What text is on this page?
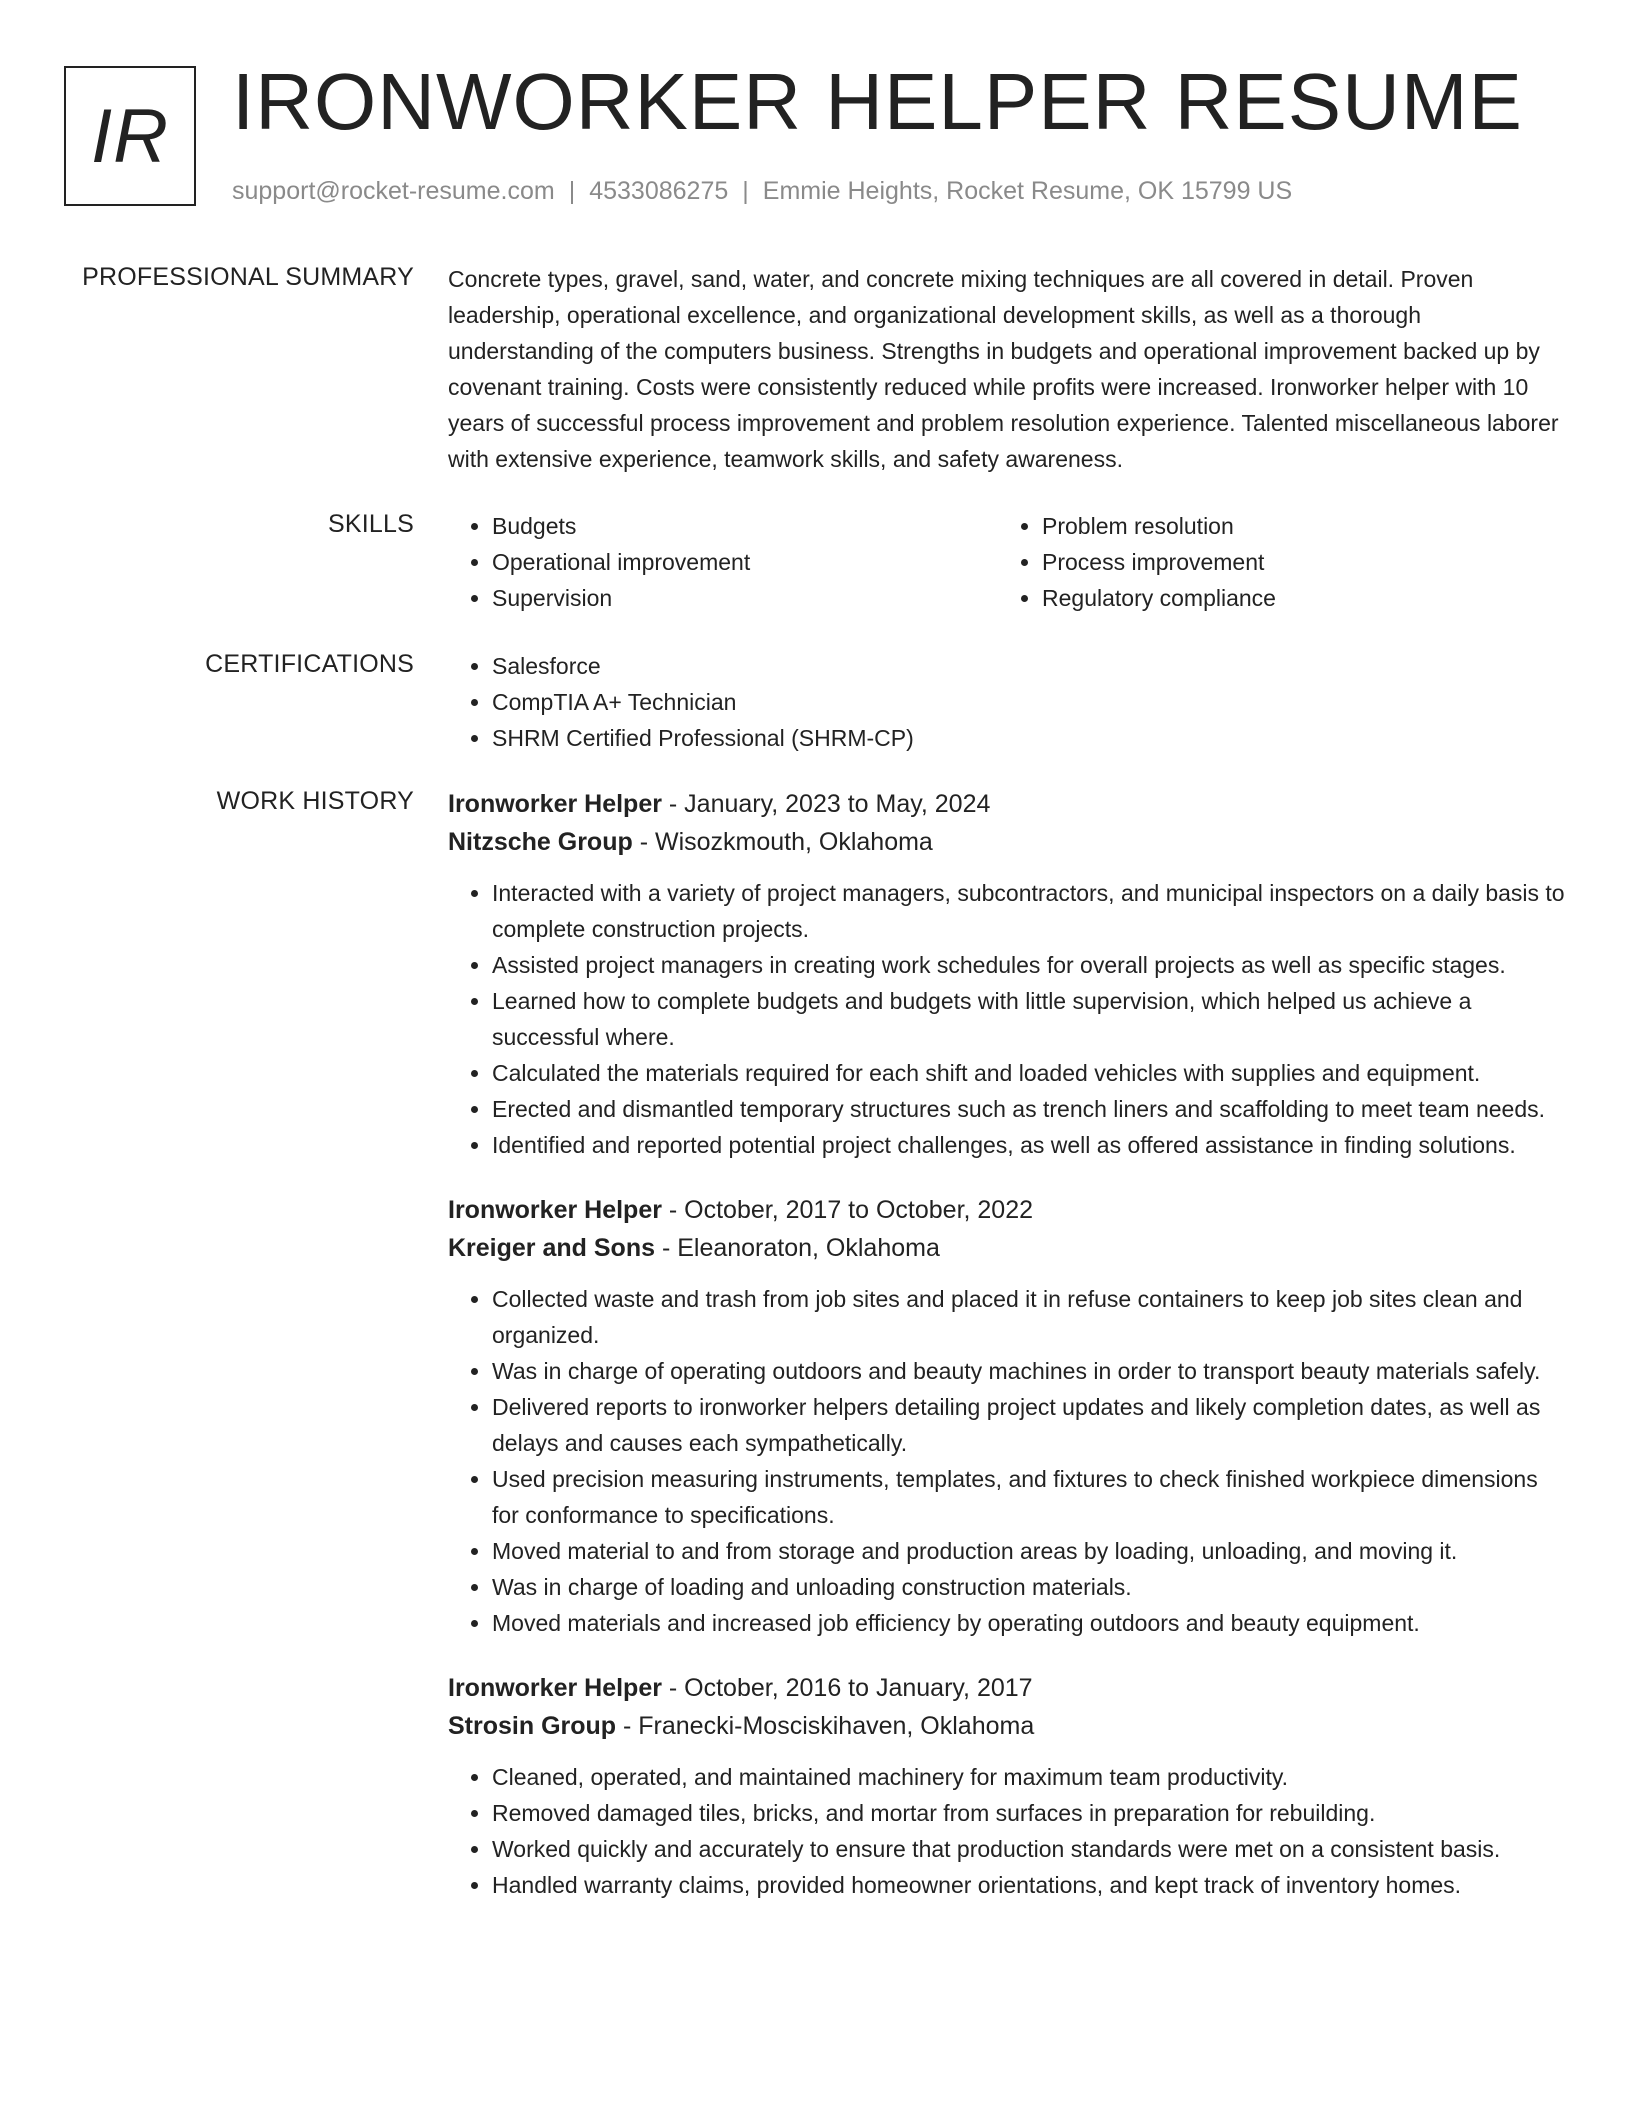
IR IRONWORKER HELPER RESUME
support@rocket-resume.com | 4533086275 | Emmie Heights, Rocket Resume, OK 15799 US
PROFESSIONAL SUMMARY Concrete types, gravel, sand, water, and concrete mixing techniques are all covered in detail. Proven leadership, operational excellence, and organizational development skills, as well as a thorough understanding of the computers business. Strengths in budgets and operational improvement backed up by covenant training. Costs were consistently reduced while profits were increased. Ironworker helper with 10 years of successful process improvement and problem resolution experience. Talented miscellaneous laborer with extensive experience, teamwork skills, and safety awareness.

SKILLS	• Budgets
• Operational improvement
• Supervision
• Problem resolution
• Process improvement
• Regulatory compliance
CERTIFICATIONS	• Salesforce
• CompTIA A+ Technician
• SHRM Certified Professional (SHRM-CP)
WORK HISTORY Ironworker Helper - January, 2023 to May, 2024
Nitzsche Group - Wisozkmouth, Oklahoma
• Interacted with a variety of project managers, subcontractors, and municipal inspectors on a daily basis to complete construction projects.
• Assisted project managers in creating work schedules for overall projects as well as specific stages.
• Learned how to complete budgets and budgets with little supervision, which helped us achieve a successful where.
• Calculated the materials required for each shift and loaded vehicles with supplies and equipment.
• Erected and dismantled temporary structures such as trench liners and scaffolding to meet team needs.
• Identified and reported potential project challenges, as well as offered assistance in finding solutions.
Ironworker Helper - October, 2017 to October, 2022
Kreiger and Sons - Eleanoraton, Oklahoma
• Collected waste and trash from job sites and placed it in refuse containers to keep job sites clean and organized.
• Was in charge of operating outdoors and beauty machines in order to transport beauty materials safely.
• Delivered reports to ironworker helpers detailing project updates and likely completion dates, as well as delays and causes each sympathetically.
• Used precision measuring instruments, templates, and fixtures to check finished workpiece dimensions for conformance to specifications.
• Moved material to and from storage and production areas by loading, unloading, and moving it.
• Was in charge of loading and unloading construction materials.
• Moved materials and increased job efficiency by operating outdoors and beauty equipment.
Ironworker Helper - October, 2016 to January, 2017
Strosin Group - Franecki-Mosciskihaven, Oklahoma
• Cleaned, operated, and maintained machinery for maximum team productivity.
• Removed damaged tiles, bricks, and mortar from surfaces in preparation for rebuilding.
• Worked quickly and accurately to ensure that production standards were met on a consistent basis.
• Handled warranty claims, provided homeowner orientations, and kept track of inventory homes.
